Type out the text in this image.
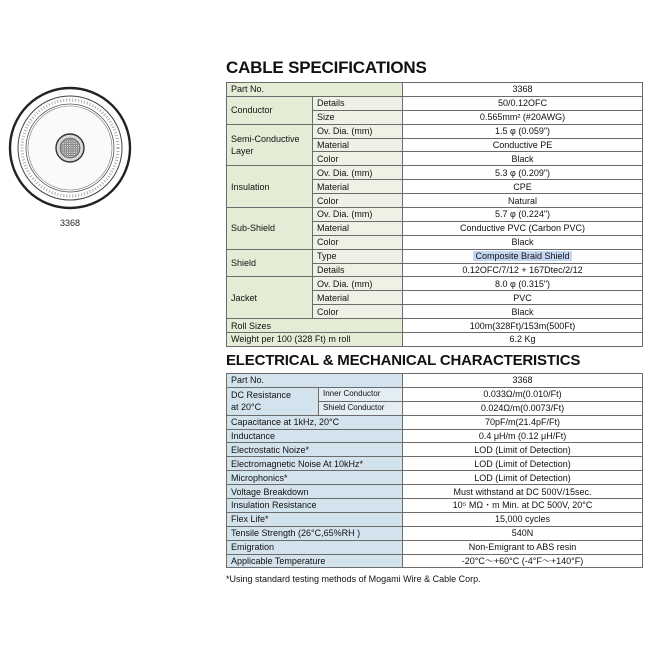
3368
CABLE SPECIFICATIONS
Part No.		3368
Conductor	Details	50/0.12OFC
	Size	0.565mm² (#20AWG)
Semi-Conductive
Layer	Ov. Dia. (mm)	1.5 φ (0.059")
	Material	Conductive PE
	Color	Black
Insulation	Ov. Dia. (mm)	5.3 φ (0.209")
	Material	CPE
	Color	Natural
Sub-Shield	Ov. Dia. (mm)	5.7 φ (0.224")
	Material	Conductive PVC (Carbon PVC)
	Color	Black
Shield	Type	Composite Braid Shield
	Details	0.12OFC/7/12 + 167Dtec/2/12
Jacket	Ov. Dia. (mm)	8.0 φ (0.315")
	Material	PVC
	Color	Black
Roll Sizes		100m(328Ft)/153m(500Ft)
Weight per 100 (328 Ft) m roll		6.2 Kg
ELECTRICAL & MECHANICAL CHARACTERISTICS
Part No.		3368
DC Resistance
at 20°C	Inner Conductor	0.033Ω/m(0.010/Ft)
	Shield Conductor	0.024Ω/m(0.0073/Ft)
Capacitance at 1kHz, 20°C		70pF/m(21.4pF/Ft)
Inductance		0.4 μH/m (0.12 μH/Ft)
Electrostatic Noize*		LOD (Limit of Detection)
Electromagnetic Noise At 10kHz*		LOD (Limit of Detection)
Microphonics*		LOD (Limit of Detection)
Voltage Breakdown		Must withstand at DC 500V/15sec.
Insulation Resistance		10⁵ MΩ・m Min. at DC 500V, 20°C
Flex Life*		15,000 cycles
Tensile Strength (26°C,65%RH )		540N
Emigration		Non-Emigrant to ABS resin
Applicable Temperature		-20°C～+60°C (-4°F～+140°F)
*Using standard testing methods of Mogami Wire & Cable Corp.
